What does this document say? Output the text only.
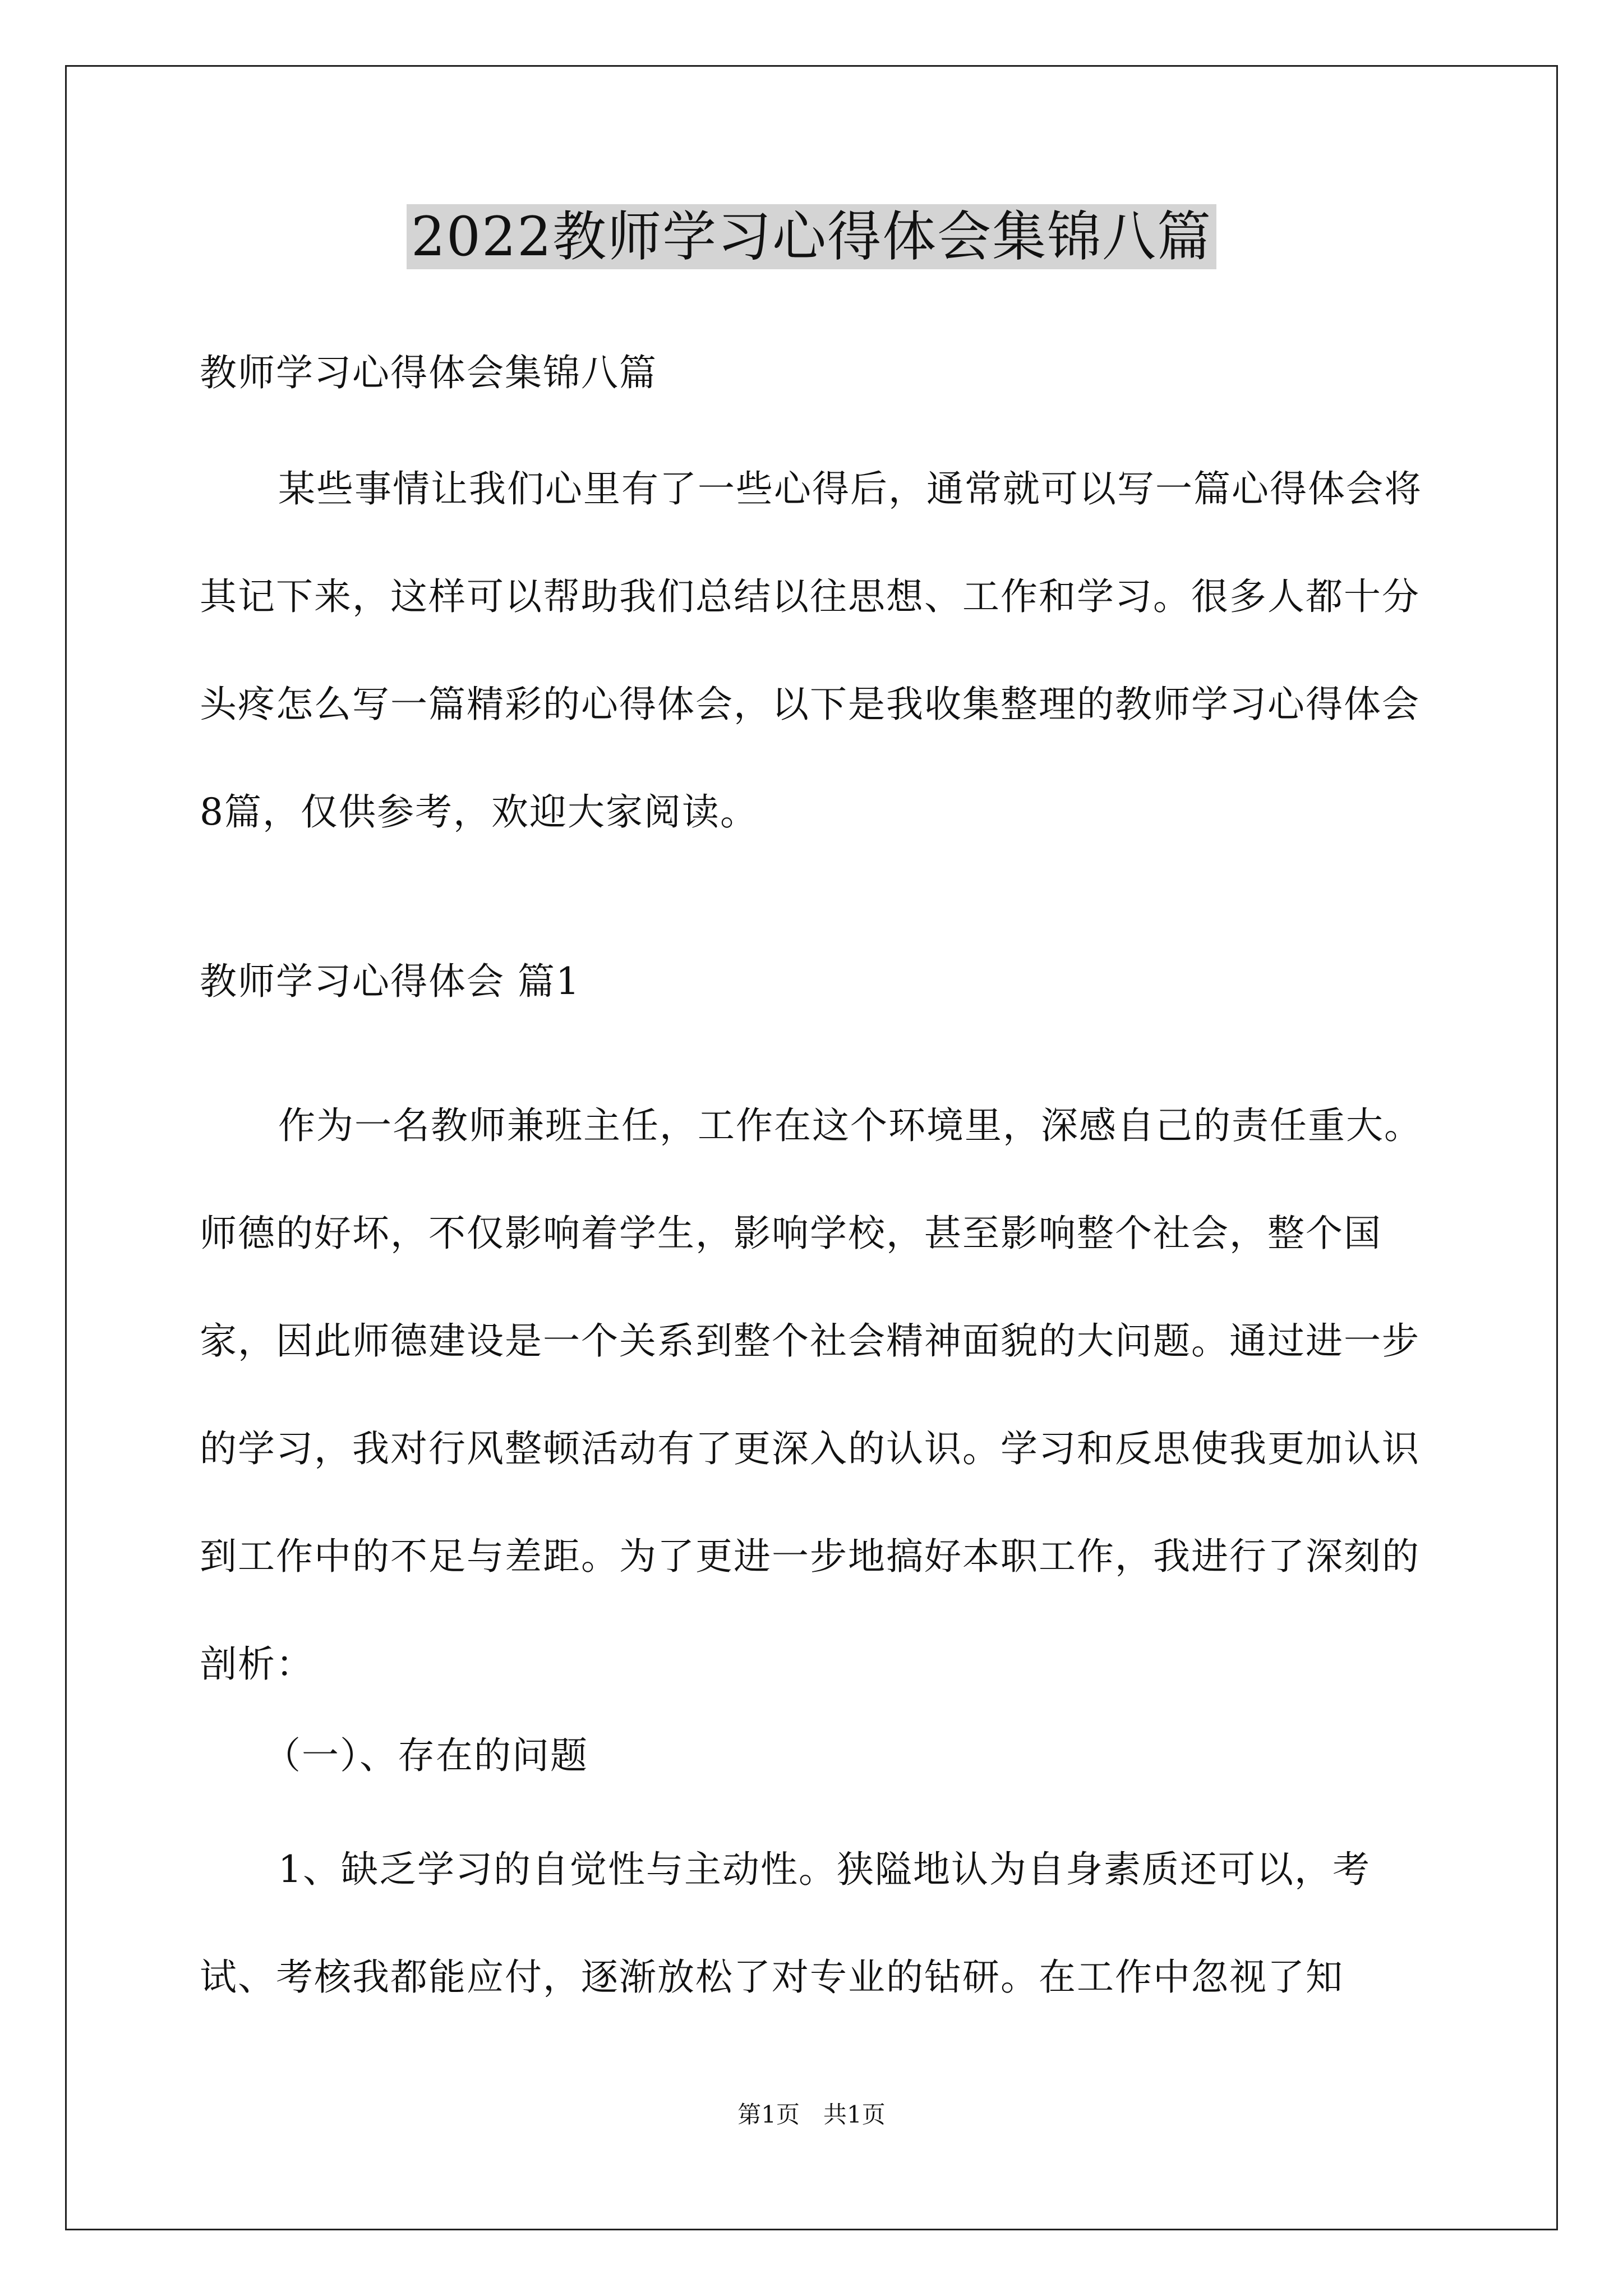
2022教师学习心得体会集锦八篇
教师学习心得体会集锦八篇

某些事情让我们心里有了一些心得后，通常就可以写一篇心得体会将其记下来，这样可以帮助我们总结以往思想、工作和学习。很多人都十分头疼怎么写一篇精彩的心得体会，以下是我收集整理的教师学习心得体会8篇，仅供参考，欢迎大家阅读。

教师学习心得体会 篇1

作为一名教师兼班主任，工作在这个环境里，深感自己的责任重大。师德的好坏，不仅影响着学生，影响学校，甚至影响整个社会，整个国家，因此师德建设是一个关系到整个社会精神面貌的大问题。通过进一步的学习，我对行风整顿活动有了更深入的认识。学习和反思使我更加认识到工作中的不足与差距。为了更进一步地搞好本职工作，我进行了深刻的剖析：

（一）、存在的问题

1、缺乏学习的自觉性与主动性。狭隘地认为自身素质还可以，考试、考核我都能应付，逐渐放松了对专业的钻研。在工作中忽视了知

第1页　共1页
